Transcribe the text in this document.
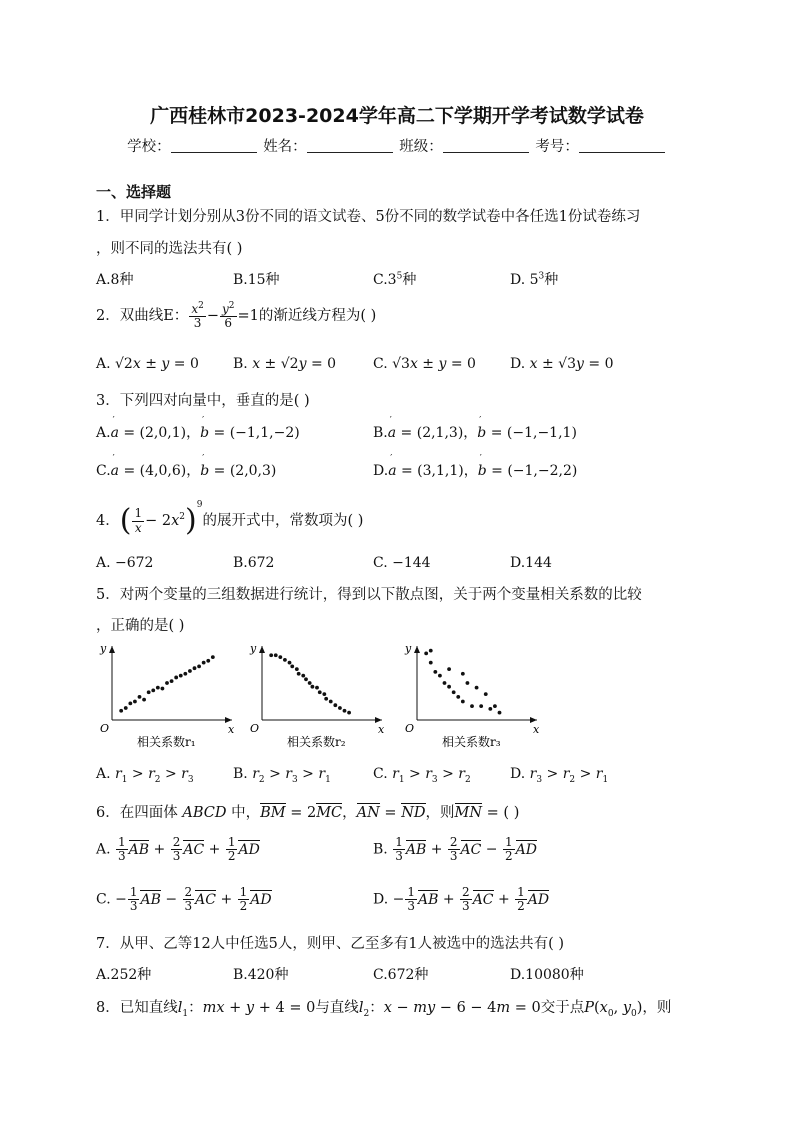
广西桂林市2023-2024学年高二下学期开学考试数学试卷
学校：	姓名：	班级：	考号：
一、选择题
1．甲同学计划分别从3份不同的语文试卷、5份不同的数学试卷中各任选1份试卷练习
，则不同的选法共有( )
A.8种	B.15种	$C.3^5$种	D. $5^3$种
2．双曲线E： $\frac{x^2}{3} - \frac{y^2}{6} =1$的渐近线方程为( )
A. √2x ± y = 0 B. x ± √2y = 0	C. √3x ± y = 0 D. x ± √3y = 0
3．下列四对向量中，垂直的是( )
A.′ a = (2,0,1)，′ b = (−1,1,−2)	B.′ a = (2,1,3)，′ b = (−1,−1,1)
C.′ a = (4,0,6)，′ b = (2,0,3)	D.′ a = (3,1,1)，′ b = (−1,−2,2)
4．( $\frac{1}{x} - 2x^2)^9$的展开式中，常数项为( )
A. −672	B.672	C. −144	D.144
5．对两个变量的三组数据进行统计，得到以下散点图，关于两个变量相关系数的比较
，正确的是( )
x
y
O
相关系数r₁
x
y
O
相关系数r₂
x
y
O
相关系数r₃
A. $r_1 > r_2 > r_3$	B. $r_2 > r_3 > r_1$	C. $r_1 > r_3 > r_2$	D. $r_3 > r_2 > r_1$
6．在四面体 ABCD 中，BM = 2MC，AN = ND，则MN = ( )
A. $\frac{1}{3}$ AB + $\frac{2}{3}$ AC + $\frac{1}{2}$ AD	B. $\frac{1}{3}$ AB + $\frac{2}{3}$ AC − $\frac{1}{2}$ AD
C. − $\frac{1}{3}$ AB − $\frac{2}{3}$ AC + $\frac{1}{2}$ AD	D. − $\frac{1}{3}$ AB + $\frac{2}{3}$ AC + $\frac{1}{2}$ AD
7．从甲、乙等12人中任选5人，则甲、乙至多有1人被选中的选法共有( )
A.252种	B.420种	C.672种	D.10080种
8．已知直线$l_1$：mx + y + 4 = 0与直线$l_2$：x − my − 6 − 4m = 0交于点$P(x_0$, $y_0$)，则
